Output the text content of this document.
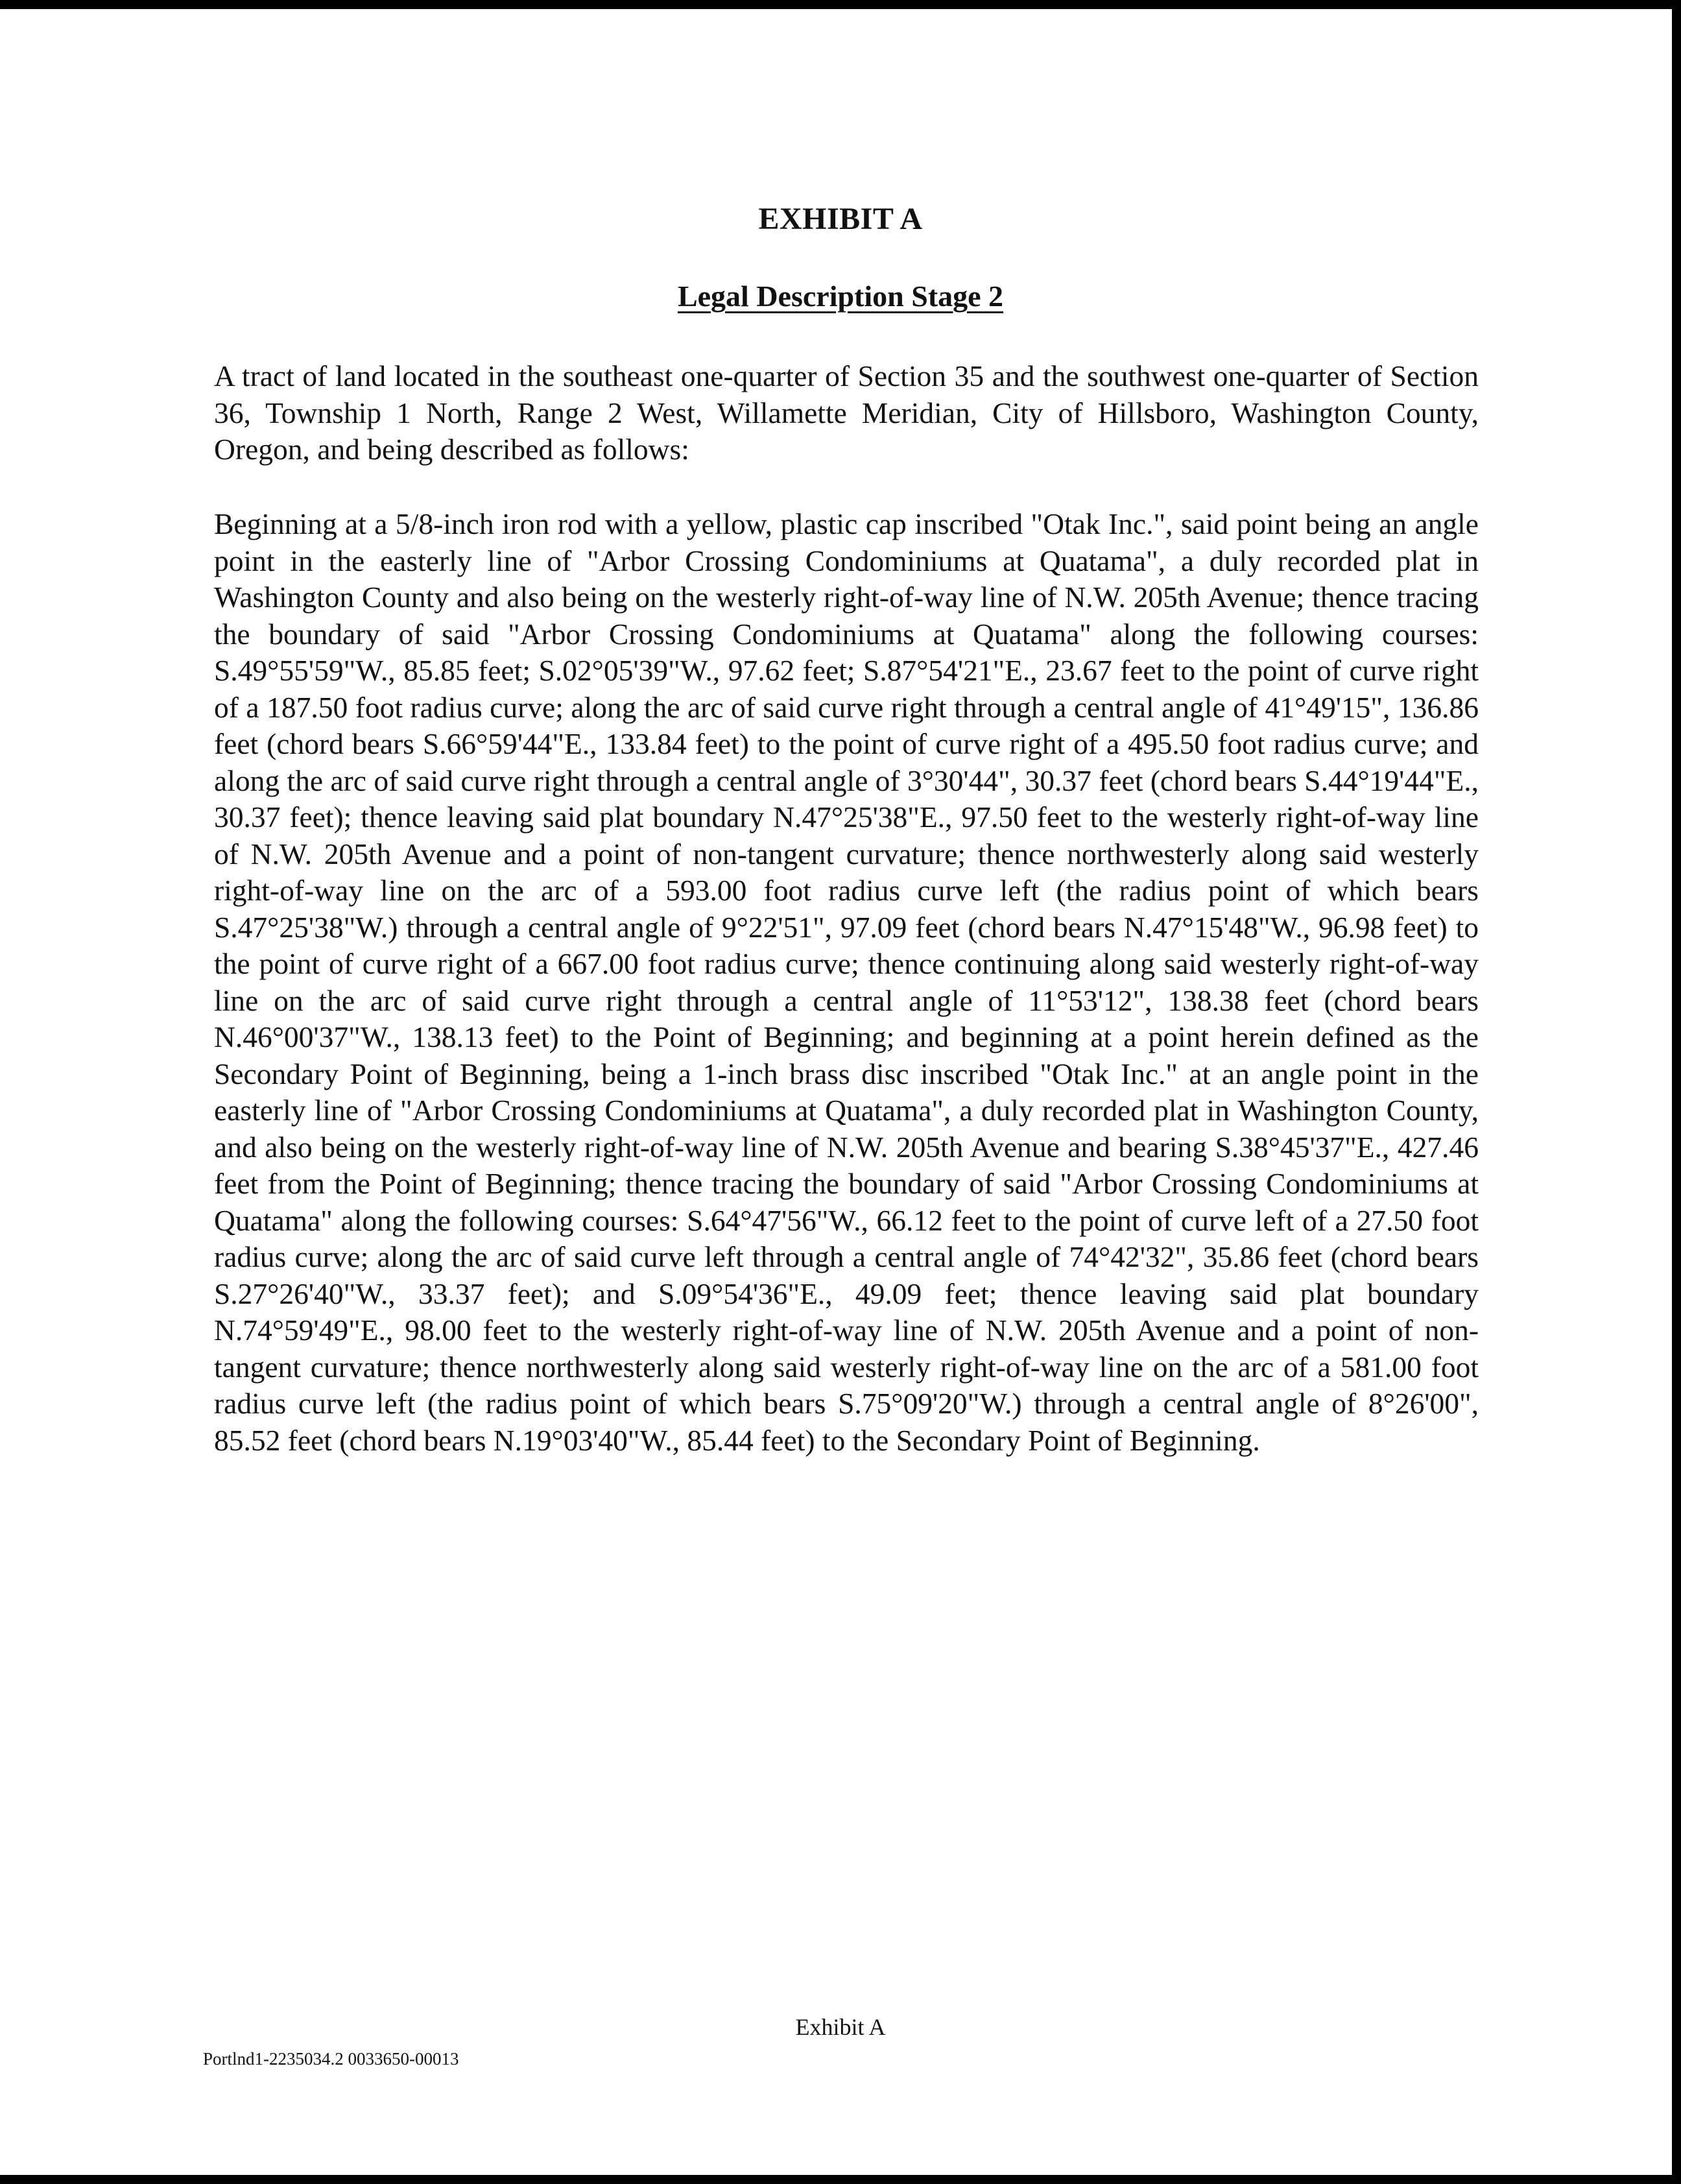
EXHIBIT A
Legal Description Stage 2

A tract of land located in the southeast one-quarter of Section 35 and the southwest one-quarter of Section 36, Township 1 North, Range 2 West, Willamette Meridian, City of Hillsboro, Washington County, Oregon, and being described as follows:

Beginning at a 5/8-inch iron rod with a yellow, plastic cap inscribed "Otak Inc.", said point being an angle point in the easterly line of "Arbor Crossing Condominiums at Quatama", a duly recorded plat in Washington County and also being on the westerly right-of-way line of N.W. 205th Avenue; thence tracing the boundary of said "Arbor Crossing Condominiums at Quatama" along the following courses: S.49°55'59"W., 85.85 feet; S.02°05'39"W., 97.62 feet; S.87°54'21"E., 23.67 feet to the point of curve right of a 187.50 foot radius curve; along the arc of said curve right through a central angle of 41°49'15", 136.86 feet (chord bears S.66°59'44"E., 133.84 feet) to the point of curve right of a 495.50 foot radius curve; and along the arc of said curve right through a central angle of 3°30'44", 30.37 feet (chord bears S.44°19'44"E., 30.37 feet); thence leaving said plat boundary N.47°25'38"E., 97.50 feet to the westerly right-of-way line of N.W. 205th Avenue and a point of non-tangent curvature; thence northwesterly along said westerly right-of-way line on the arc of a 593.00 foot radius curve left (the radius point of which bears S.47°25'38"W.) through a central angle of 9°22'51", 97.09 feet (chord bears N.47°15'48"W., 96.98 feet) to the point of curve right of a 667.00 foot radius curve; thence continuing along said westerly right-of-way line on the arc of said curve right through a central angle of 11°53'12", 138.38 feet (chord bears N.46°00'37"W., 138.13 feet) to the Point of Beginning; and beginning at a point herein defined as the Secondary Point of Beginning, being a 1-inch brass disc inscribed "Otak Inc." at an angle point in the easterly line of "Arbor Crossing Condominiums at Quatama", a duly recorded plat in Washington County, and also being on the westerly right-of-way line of N.W. 205th Avenue and bearing S.38°45'37"E., 427.46 feet from the Point of Beginning; thence tracing the boundary of said "Arbor Crossing Condominiums at Quatama" along the following courses: S.64°47'56"W., 66.12 feet to the point of curve left of a 27.50 foot radius curve; along the arc of said curve left through a central angle of 74°42'32", 35.86 feet (chord bears S.27°26'40"W., 33.37 feet); and S.09°54'36"E., 49.09 feet; thence leaving said plat boundary N.74°59'49"E., 98.00 feet to the westerly right-of-way line of N.W. 205th Avenue and a point of non-tangent curvature; thence northwesterly along said westerly right-of-way line on the arc of a 581.00 foot radius curve left (the radius point of which bears S.75°09'20"W.) through a central angle of 8°26'00", 85.52 feet (chord bears N.19°03'40"W., 85.44 feet) to the Secondary Point of Beginning.

Exhibit A
Portlnd1-2235034.2 0033650-00013
